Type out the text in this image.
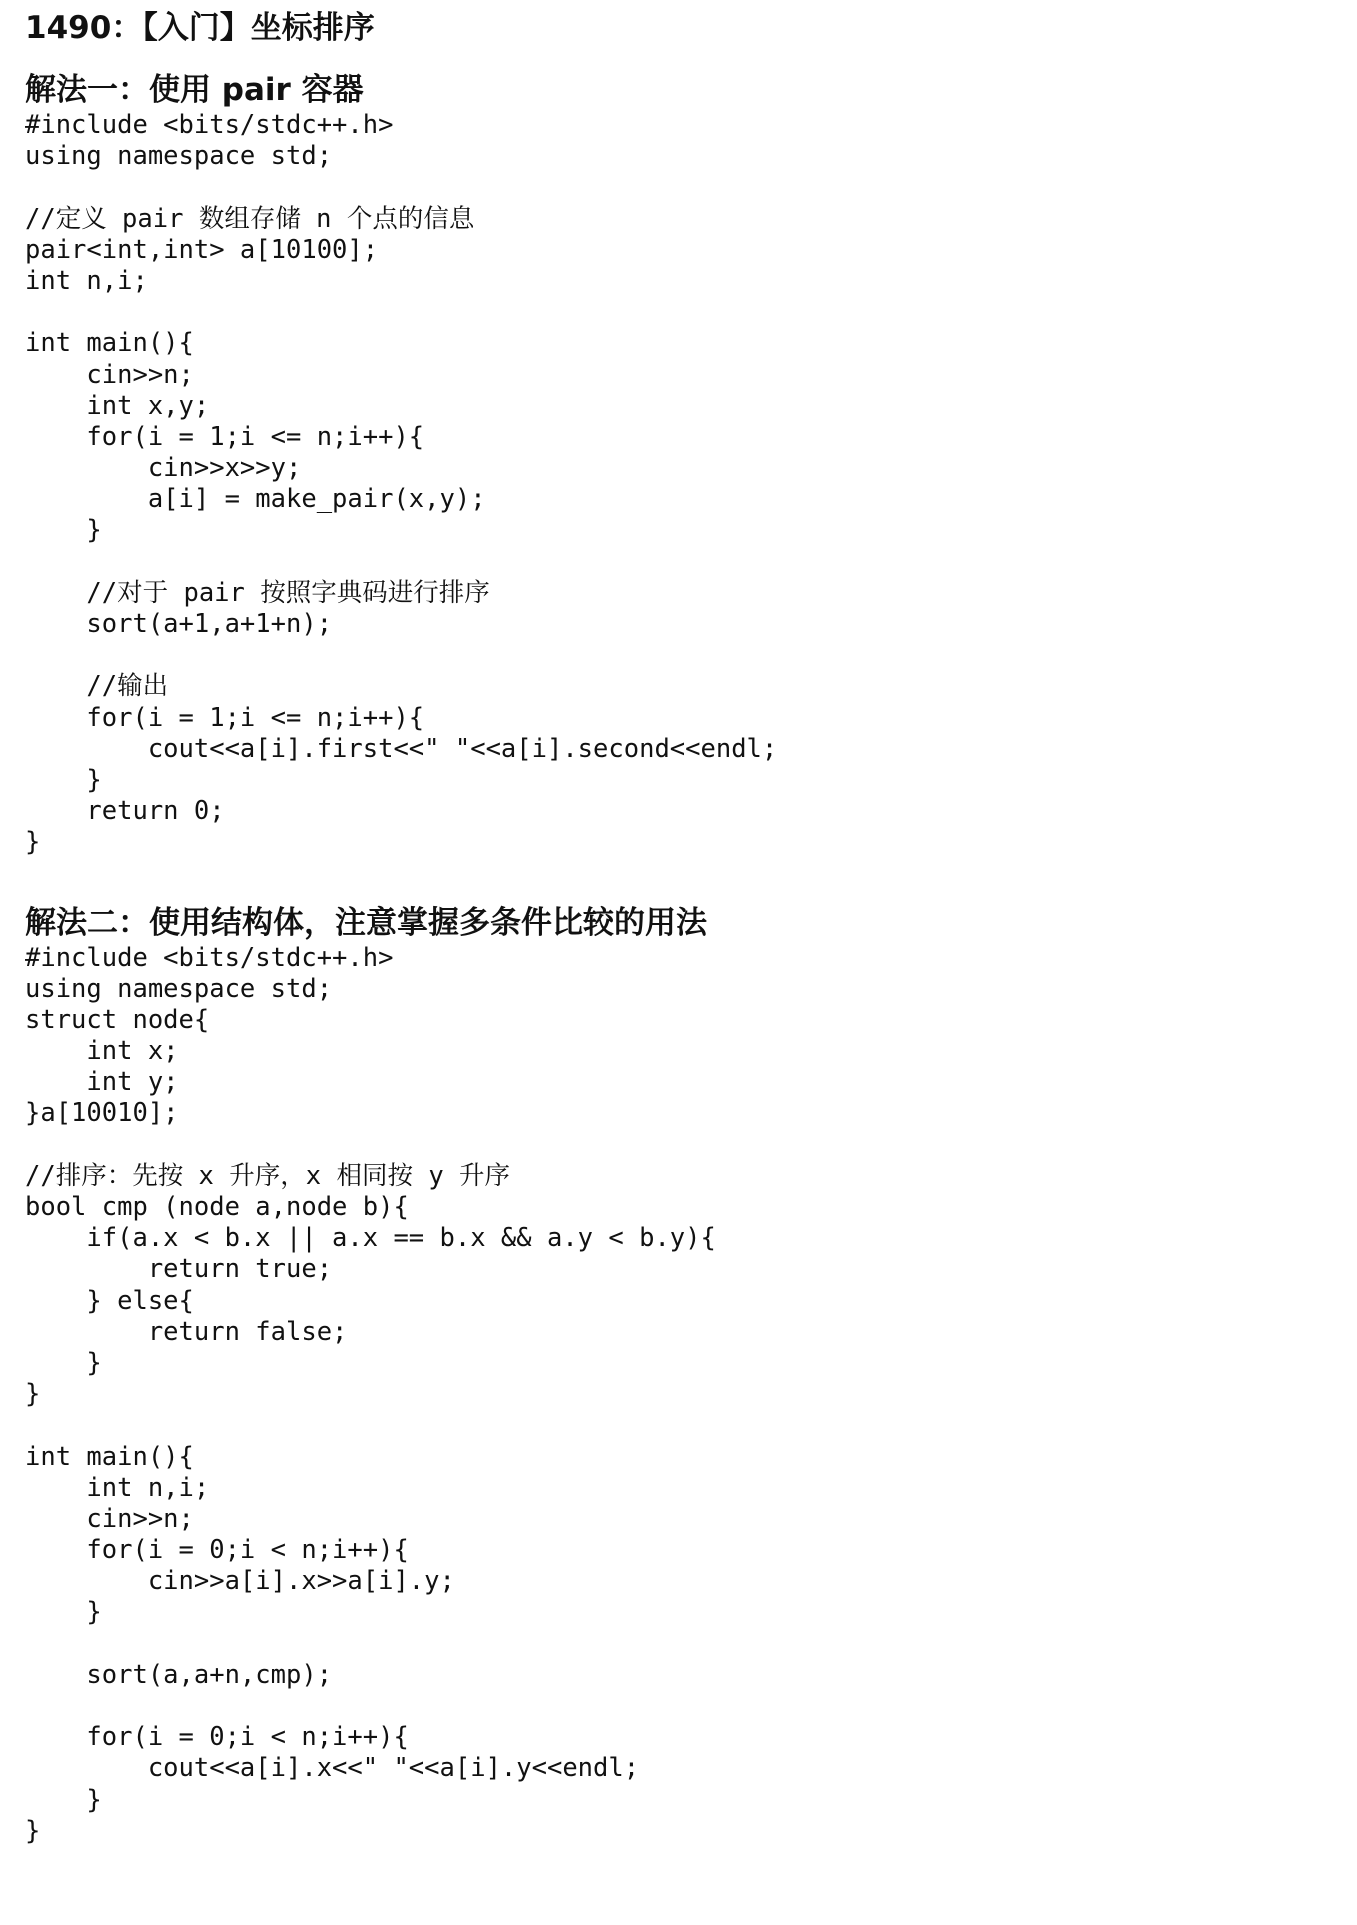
1490：【入门】坐标排序
解法一：使用 pair 容器
#include <bits/stdc++.h>
using namespace std;

//定义 pair 数组存储 n 个点的信息
pair<int,int> a[10100];
int n,i;

int main(){
cin>>n;
int x,y;
for(i = 1;i <= n;i++){
cin>>x>>y;
a[i] = make_pair(x,y);
}

//对于 pair 按照字典码进行排序
sort(a+1,a+1+n);

//输出
for(i = 1;i <= n;i++){
cout<<a[i].first<<" "<<a[i].second<<endl;
}
return 0;
}
解法二：使用结构体，注意掌握多条件比较的用法
#include <bits/stdc++.h>
using namespace std;
struct node{
int x;
int y;
}a[10010];

//排序：先按 x 升序，x 相同按 y 升序
bool cmp (node a,node b){
if(a.x < b.x || a.x == b.x && a.y < b.y){
return true;
} else{
return false;
}
}

int main(){
int n,i;
cin>>n;
for(i = 0;i < n;i++){
cin>>a[i].x>>a[i].y;
}

sort(a,a+n,cmp);

for(i = 0;i < n;i++){
cout<<a[i].x<<" "<<a[i].y<<endl;
}
}
